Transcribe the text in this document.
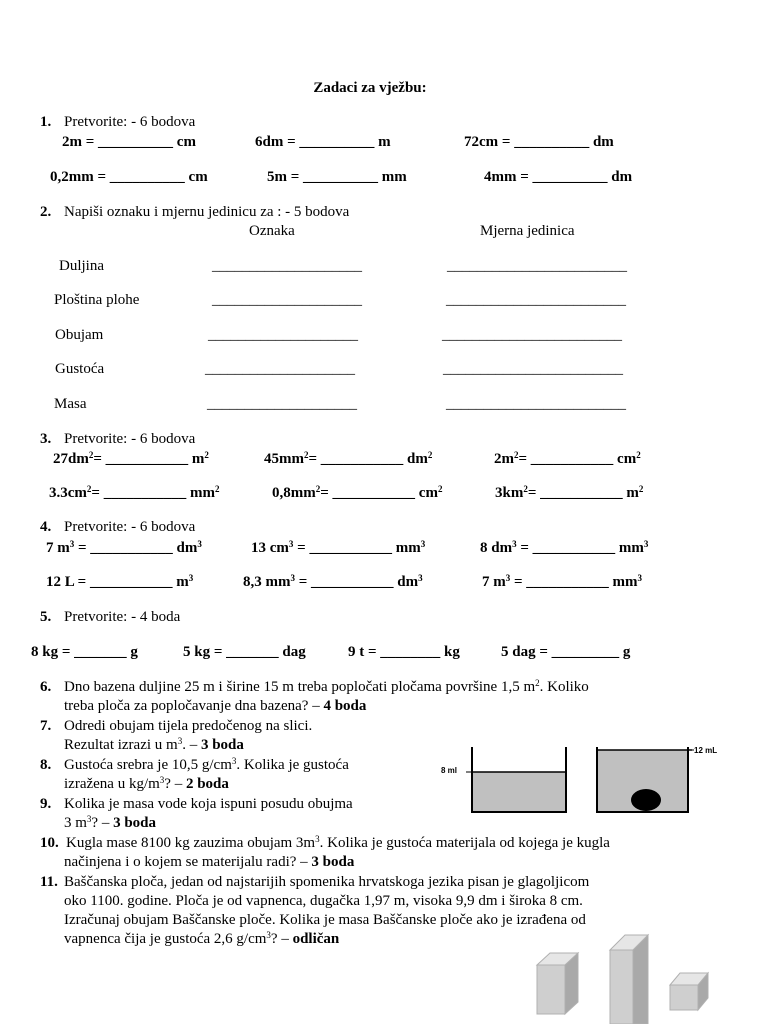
Zadaci za vježbu:
1. Pretvorite: - 6 bodova
2m = __________ cm	6dm = __________ m	72cm = __________ dm
0,2mm = __________ cm	5m = __________ mm	4mm = __________ dm
2. Napiši oznaku i mjernu jedinicu za : - 5 bodova
Oznaka	Mjerna jedinica
Duljina	____________________	________________________
Ploština plohe	____________________	________________________
Obujam	____________________	________________________
Gustoća	____________________	________________________
Masa	____________________	________________________
3. Pretvorite: - 6 bodova
$27dm^2=$ ___________ $m^2$	$45mm^2=$ ___________ $dm^2$	$2m^2=$ ___________ $cm^2$
$3.3cm^2=$ ___________ $mm^2$	$0,8mm^2=$ ___________ $cm^2$	$3km^2=$ ___________ $m^2$
4. Pretvorite: - 6 bodova
7 $m^3$ = ___________ $dm^3$	13 $cm^3$ = ___________ $mm^3$	8 $dm^3$ = ___________ $mm^3$
12 L = ___________ $m^3$	8,3 $mm^3$ = ___________ $dm^3$	7 $m^3$ = ___________ $mm^3$
5. Pretvorite: - 4 boda
8 kg = _______ g	5 kg = _______ dag	9 t = ________ kg	5 dag = _________ g
6. Dno bazena duljine 25 m i širine 15 m treba popločati pločama površine 1,5 $m^2$. Koliko
treba ploča za popločavanje dna bazena? – 4 boda
7. Odredi obujam tijela predočenog na slici.
Rezultat izrazi u $m^3$. – 3 boda
8. Gustoća srebra je 10,5 $g/cm^3$. Kolika je gustoća
izražena u $kg/m^3$? – 2 boda
9. Kolika je masa vode koja ispuni posudu obujma
3 $m^3$? – 3 boda
10. Kugla mase 8100 kg zauzima obujam $3m^3$. Kolika je gustoća materijala od kojega je kugla
načinjena i o kojem se materijalu radi? – 3 boda
11. Baščanska ploča, jedan od najstarijih spomenika hrvatskoga jezika pisan je glagoljicom
oko 1100. godine. Ploča je od vapnenca, dugačka 1,97 m, visoka 9,9 dm i široka 8 cm.
Izračunaj obujam Baščanske ploče. Kolika je masa Baščanske ploče ako je izrađena od
vapnenca čija je gustoća 2,6 $g/cm^3$? – odličan
8 ml
12 mL
